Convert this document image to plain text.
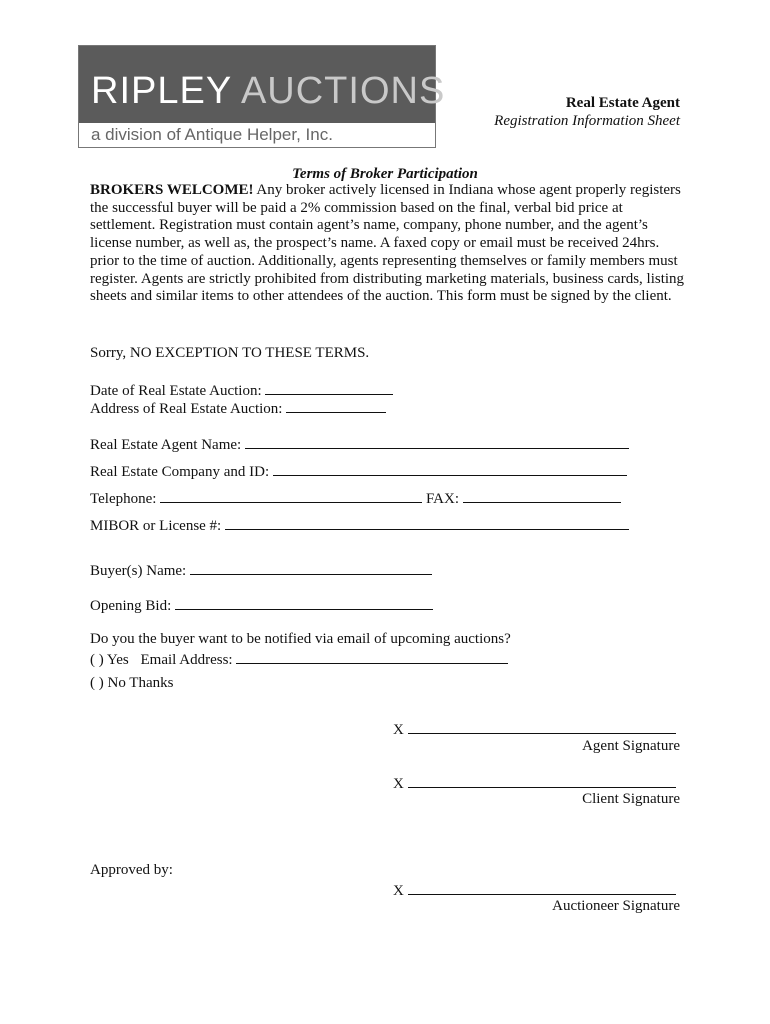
RIPLEY AUCTIONS
a division of Antique Helper, Inc.
Real Estate Agent
Registration Information Sheet
Terms of Broker Participation
BROKERS WELCOME! Any broker actively licensed in Indiana whose agent properly registers the successful buyer will be paid a 2% commission based on the final, verbal bid price at settlement. Registration must contain agent’s name, company, phone number, and the agent’s license number, as well as, the prospect’s name. A faxed copy or email must be received 24hrs. prior to the time of auction. Additionally, agents representing themselves or family members must register. Agents are strictly prohibited from distributing marketing materials, business cards, listing sheets and similar items to other attendees of the auction. This form must be signed by the client.
Sorry, NO EXCEPTION TO THESE TERMS.
Date of Real Estate Auction:
Address of Real Estate Auction:
Real Estate Agent Name:
Real Estate Company and ID:
Telephone:	FAX:
MIBOR or License #:
Buyer(s) Name:
Opening Bid:
Do you the buyer want to be notified via email of upcoming auctions?
( ) Yes Email Address:
( ) No Thanks
X
Agent Signature
X
Client Signature
Approved by:
X
Auctioneer Signature
